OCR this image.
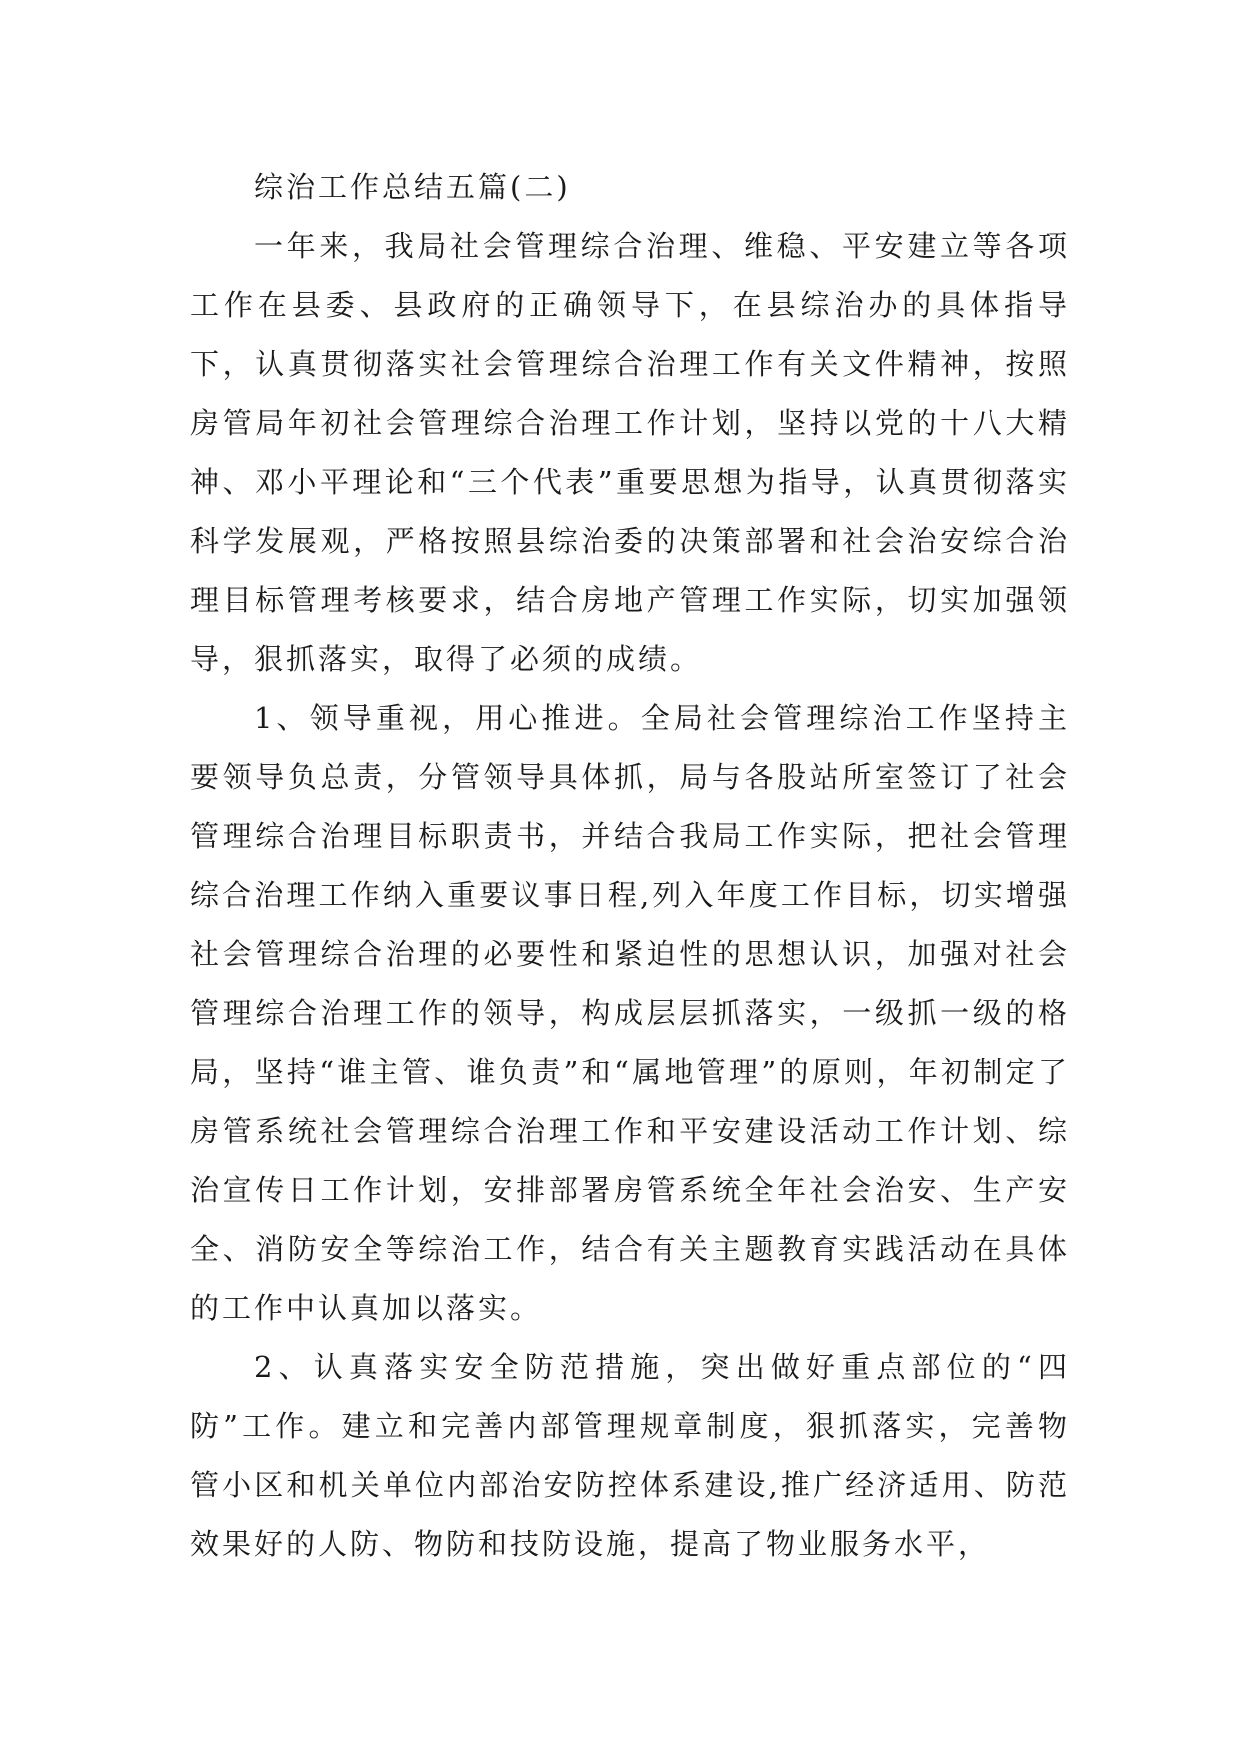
综治工作总结五篇(二)

一年来，我局社会管理综合治理、维稳、平安建立等各项工作在县委、县政府的正确领导下，在县综治办的具体指导下，认真贯彻落实社会管理综合治理工作有关文件精神，按照房管局年初社会管理综合治理工作计划，坚持以党的十八大精神、邓小平理论和“三个代表”重要思想为指导，认真贯彻落实科学发展观，严格按照县综治委的决策部署和社会治安综合治理目标管理考核要求，结合房地产管理工作实际，切实加强领导，狠抓落实，取得了必须的成绩。

1、领导重视，用心推进。全局社会管理综治工作坚持主要领导负总责，分管领导具体抓，局与各股站所室签订了社会管理综合治理目标职责书，并结合我局工作实际，把社会管理综合治理工作纳入重要议事日程,列入年度工作目标，切实增强社会管理综合治理的必要性和紧迫性的思想认识，加强对社会管理综合治理工作的领导，构成层层抓落实，一级抓一级的格局，坚持“谁主管、谁负责”和“属地管理”的原则，年初制定了房管系统社会管理综合治理工作和平安建设活动工作计划、综治宣传日工作计划，安排部署房管系统全年社会治安、生产安全、消防安全等综治工作，结合有关主题教育实践活动在具体的工作中认真加以落实。

2、认真落实安全防范措施，突出做好重点部位的“四防”工作。建立和完善内部管理规章制度，狠抓落实，完善物管小区和机关单位内部治安防控体系建设,推广经济适用、防范效果好的人防、物防和技防设施，提高了物业服务水平，
